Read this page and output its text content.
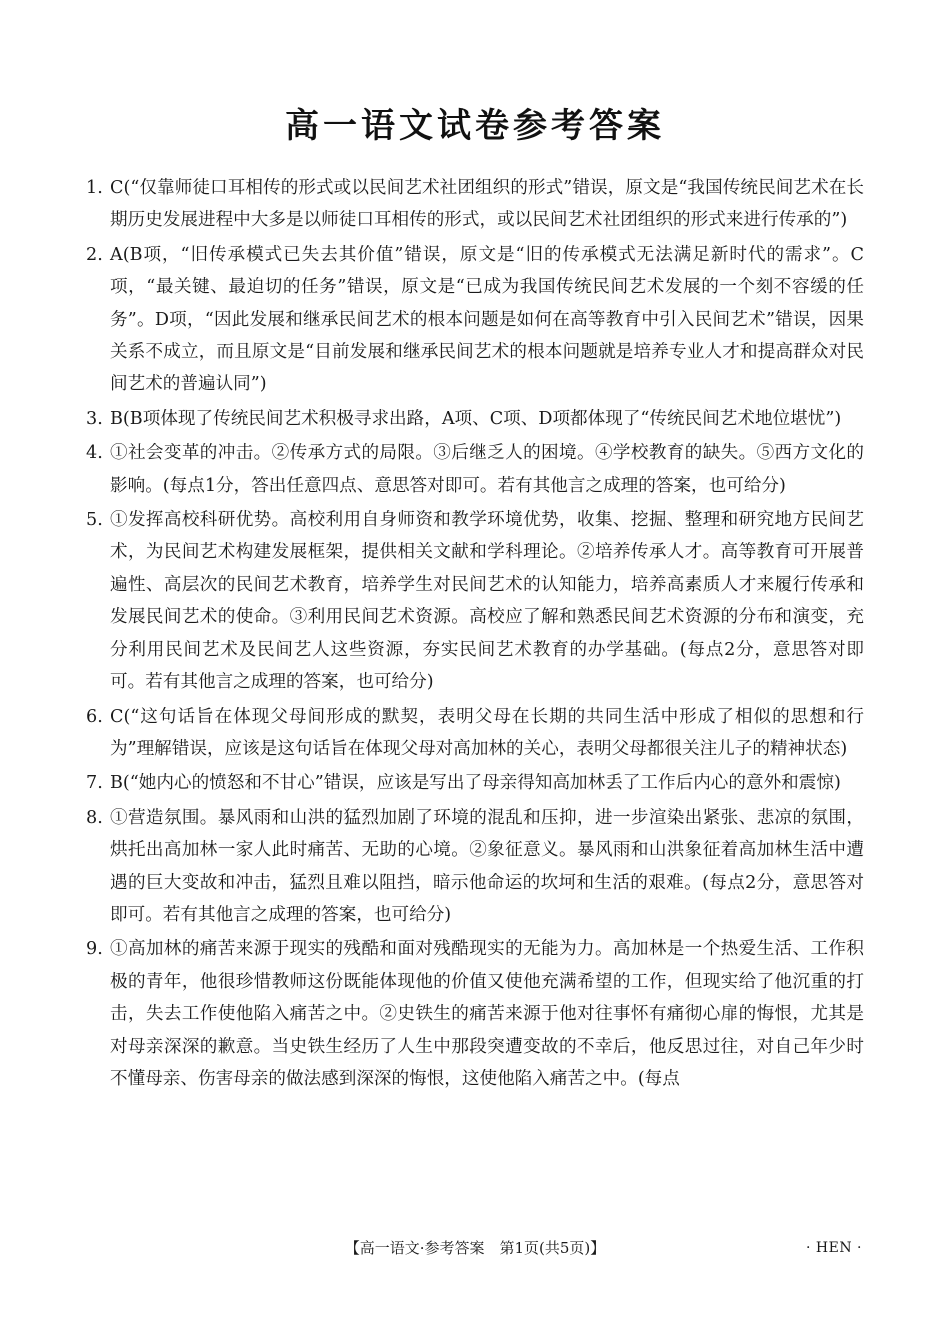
高一语文试卷参考答案
1. C(“仅靠师徒口耳相传的形式或以民间艺术社团组织的形式”错误，原文是“我国传统民间艺术在长期历史发展进程中大多是以师徒口耳相传的形式，或以民间艺术社团组织的形式来进行传承的”)
2. A(B项，“旧传承模式已失去其价值”错误，原文是“旧的传承模式无法满足新时代的需求”。C项，“最关键、最迫切的任务”错误，原文是“已成为我国传统民间艺术发展的一个刻不容缓的任务”。D项，“因此发展和继承民间艺术的根本问题是如何在高等教育中引入民间艺术”错误，因果关系不成立，而且原文是“目前发展和继承民间艺术的根本问题就是培养专业人才和提高群众对民间艺术的普遍认同”)
3. B(B项体现了传统民间艺术积极寻求出路，A项、C项、D项都体现了“传统民间艺术地位堪忧”)
4. ①社会变革的冲击。②传承方式的局限。③后继乏人的困境。④学校教育的缺失。⑤西方文化的影响。(每点1分，答出任意四点、意思答对即可。若有其他言之成理的答案，也可给分)
5. ①发挥高校科研优势。高校利用自身师资和教学环境优势，收集、挖掘、整理和研究地方民间艺术，为民间艺术构建发展框架，提供相关文献和学科理论。②培养传承人才。高等教育可开展普遍性、高层次的民间艺术教育，培养学生对民间艺术的认知能力，培养高素质人才来履行传承和发展民间艺术的使命。③利用民间艺术资源。高校应了解和熟悉民间艺术资源的分布和演变，充分利用民间艺术及民间艺人这些资源，夯实民间艺术教育的办学基础。(每点2分，意思答对即可。若有其他言之成理的答案，也可给分)
6. C(“这句话旨在体现父母间形成的默契，表明父母在长期的共同生活中形成了相似的思想和行为”理解错误，应该是这句话旨在体现父母对高加林的关心，表明父母都很关注儿子的精神状态)
7. B(“她内心的愤怒和不甘心”错误，应该是写出了母亲得知高加林丢了工作后内心的意外和震惊)
8. ①营造氛围。暴风雨和山洪的猛烈加剧了环境的混乱和压抑，进一步渲染出紧张、悲凉的氛围，烘托出高加林一家人此时痛苦、无助的心境。②象征意义。暴风雨和山洪象征着高加林生活中遭遇的巨大变故和冲击，猛烈且难以阻挡，暗示他命运的坎坷和生活的艰难。(每点2分，意思答对即可。若有其他言之成理的答案，也可给分)
9. ①高加林的痛苦来源于现实的残酷和面对残酷现实的无能为力。高加林是一个热爱生活、工作积极的青年，他很珍惜教师这份既能体现他的价值又使他充满希望的工作，但现实给了他沉重的打击，失去工作使他陷入痛苦之中。②史铁生的痛苦来源于他对往事怀有痛彻心扉的悔恨，尤其是对母亲深深的歉意。当史铁生经历了人生中那段突遭变故的不幸后，他反思过往，对自己年少时不懂母亲、伤害母亲的做法感到深深的悔恨，这使他陷入痛苦之中。(每点
【高一语文·参考答案　第1页(共5页)】	· HEN ·
